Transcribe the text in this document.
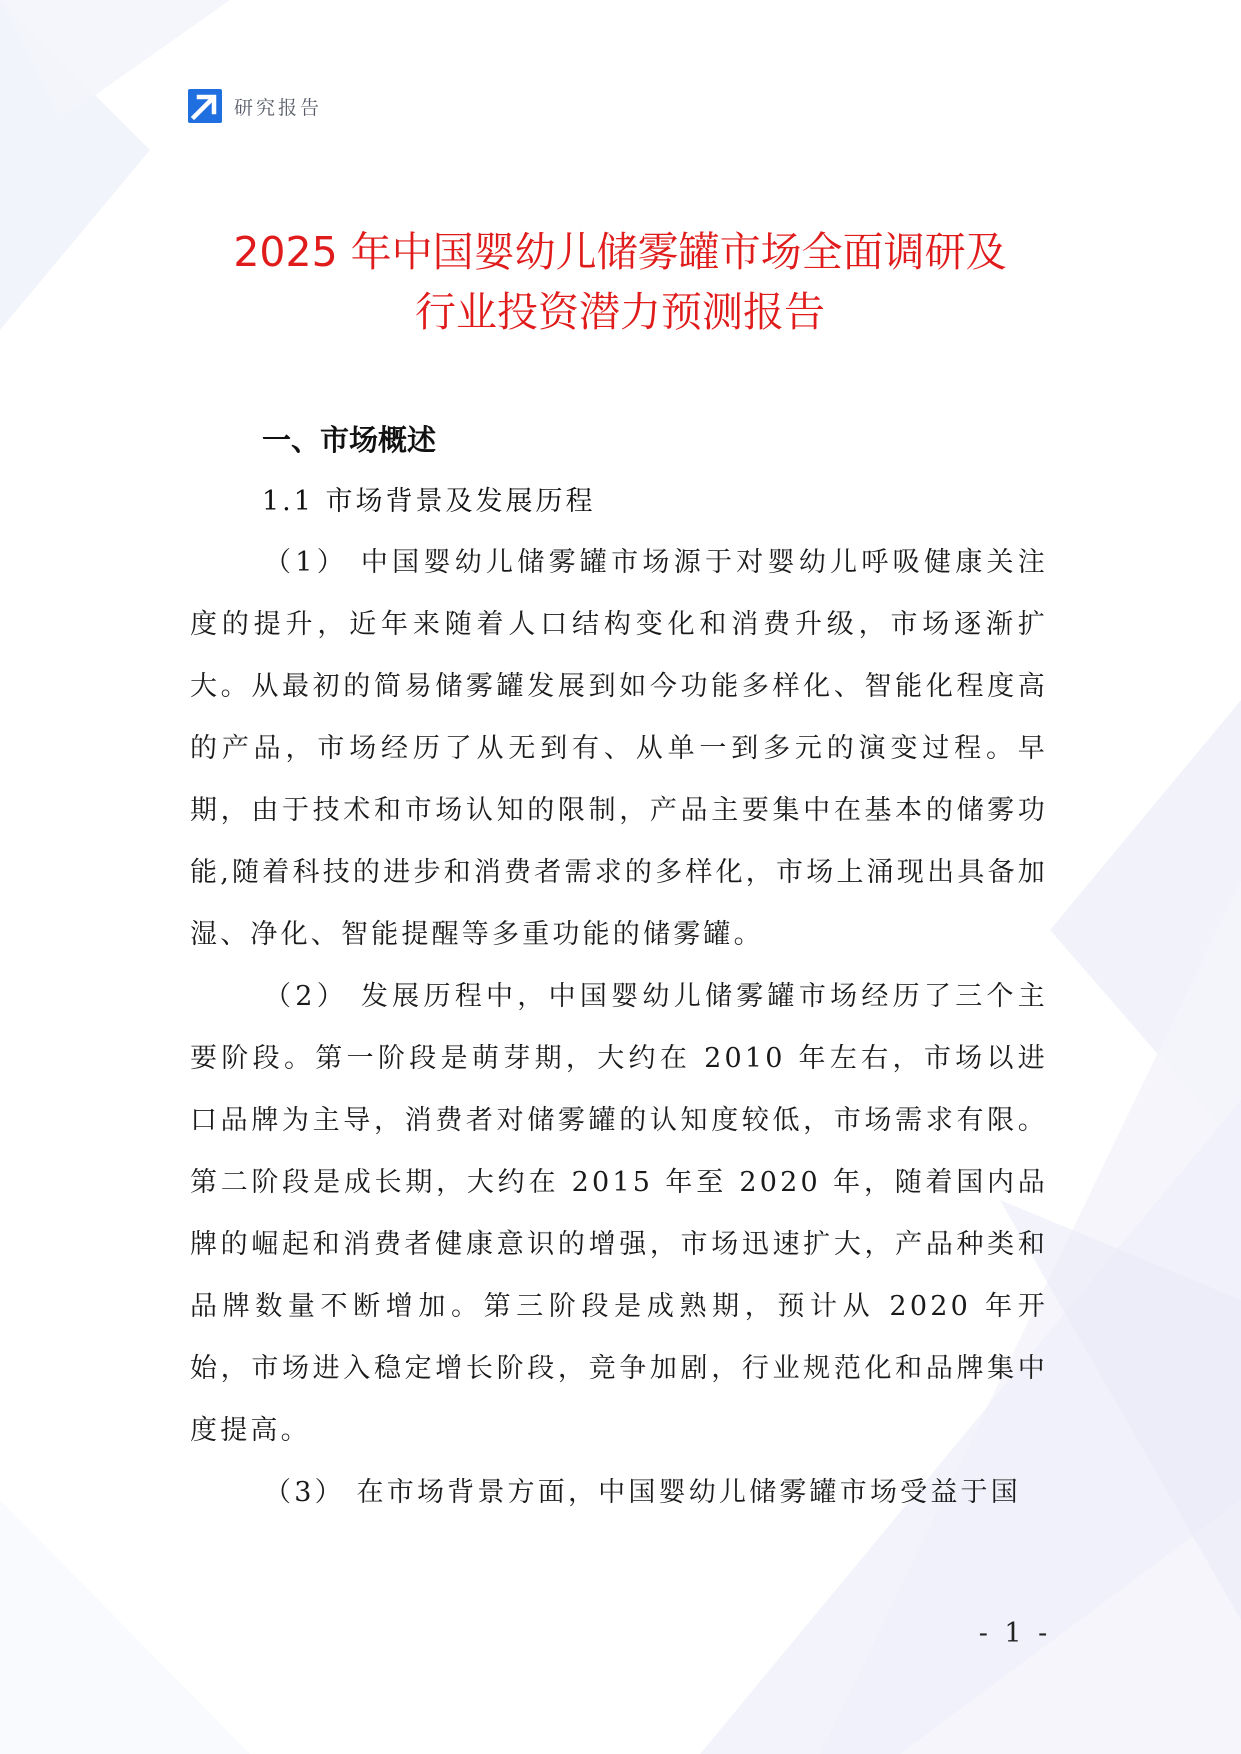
研究报告
2025 年中国婴幼儿储雾罐市场全面调研及
行业投资潜力预测报告
一、市场概述
1.1 市场背景及发展历程

（1） 中国婴幼儿储雾罐市场源于对婴幼儿呼吸健康关注度的提升，近年来随着人口结构变化和消费升级，市场逐渐扩大。从最初的简易储雾罐发展到如今功能多样化、智能化程度高的产品，市场经历了从无到有、从单一到多元的演变过程。早期，由于技术和市场认知的限制，产品主要集中在基本的储雾功能,随着科技的进步和消费者需求的多样化，市场上涌现出具备加湿、净化、智能提醒等多重功能的储雾罐。

（2） 发展历程中，中国婴幼儿储雾罐市场经历了三个主要阶段。第一阶段是萌芽期，大约在 2010 年左右，市场以进口品牌为主导，消费者对储雾罐的认知度较低，市场需求有限。第二阶段是成长期，大约在 2015 年至 2020 年，随着国内品牌的崛起和消费者健康意识的增强，市场迅速扩大，产品种类和品牌数量不断增加。第三阶段是成熟期，预计从 2020 年开始，市场进入稳定增长阶段，竞争加剧，行业规范化和品牌集中度提高。

（3） 在市场背景方面，中国婴幼儿储雾罐市场受益于国

- 1 -
